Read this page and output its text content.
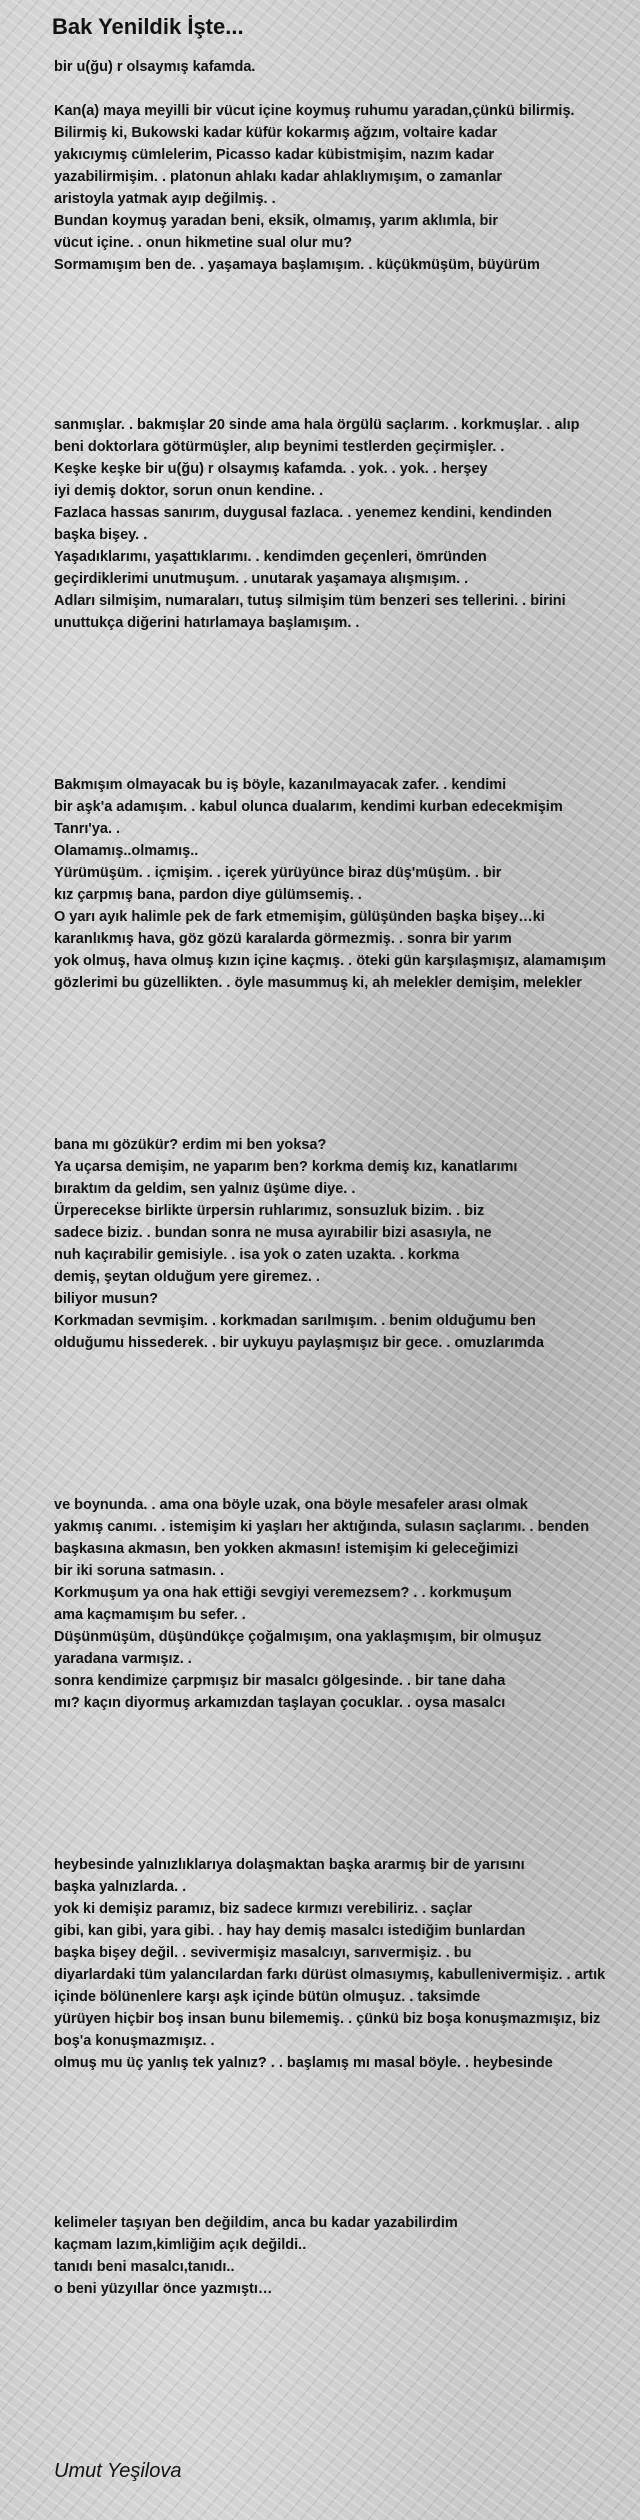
Bak Yenildik İşte...
bir u(ğu) r olsaymış kafamda.
Kan(a) maya meyilli bir vücut içine koymuş ruhumu yaradan,çünkü bilirmiş.
Bilirmiş ki, Bukowski kadar küfür kokarmış ağzım, voltaire kadar
yakıcıymış cümlelerim, Picasso kadar kübistmişim, nazım kadar
yazabilirmişim. . platonun ahlakı kadar ahlaklıymışım, o zamanlar
aristoyla yatmak ayıp değilmiş. .
Bundan koymuş yaradan beni, eksik, olmamış, yarım aklımla, bir
vücut içine. . onun hikmetine sual olur mu?
Sormamışım ben de. . yaşamaya başlamışım. . küçükmüşüm, büyürüm
sanmışlar. . bakmışlar 20 sinde ama hala örgülü saçlarım. . korkmuşlar. . alıp
beni doktorlara götürmüşler, alıp beynimi testlerden geçirmişler. .
Keşke keşke bir u(ğu) r olsaymış kafamda. . yok. . yok. . herşey
iyi demiş doktor, sorun onun kendine. .
Fazlaca hassas sanırım, duygusal fazlaca. . yenemez kendini, kendinden
başka bişey. .
Yaşadıklarımı, yaşattıklarımı. . kendimden geçenleri, ömründen
geçirdiklerimi unutmuşum. . unutarak yaşamaya alışmışım. .
Adları silmişim, numaraları, tutuş silmişim tüm benzeri ses tellerini. . birini
unuttukça diğerini hatırlamaya başlamışım. .
Bakmışım olmayacak bu iş böyle, kazanılmayacak zafer. . kendimi
bir aşk'a adamışım. . kabul olunca dualarım, kendimi kurban edecekmişim
Tanrı'ya. .
Olamamış..olmamış..
Yürümüşüm. . içmişim. . içerek yürüyünce biraz düş'müşüm. . bir
kız çarpmış bana, pardon diye gülümsemiş. .
O yarı ayık halimle pek de fark etmemişim, gülüşünden başka bişey…ki
karanlıkmış hava, göz gözü karalarda görmezmiş. . sonra bir yarım
yok olmuş, hava olmuş kızın içine kaçmış. . öteki gün karşılaşmışız, alamamışım
gözlerimi bu güzellikten. . öyle masummuş ki, ah melekler demişim, melekler
bana mı gözükür? erdim mi ben yoksa?
Ya uçarsa demişim, ne yaparım ben? korkma demiş kız, kanatlarımı
bıraktım da geldim, sen yalnız üşüme diye. .
Ürperecekse birlikte ürpersin ruhlarımız, sonsuzluk bizim. . biz
sadece biziz. . bundan sonra ne musa ayırabilir bizi asasıyla, ne
nuh kaçırabilir gemisiyle. . isa yok o zaten uzakta. . korkma
demiş, şeytan olduğum yere giremez. .
biliyor musun?
Korkmadan sevmişim. . korkmadan sarılmışım. . benim olduğumu ben
olduğumu hissederek. . bir uykuyu paylaşmışız bir gece. . omuzlarımda
ve boynunda. . ama ona böyle uzak, ona böyle mesafeler arası olmak
yakmış canımı. . istemişim ki yaşları her aktığında, sulasın saçlarımı. . benden
başkasına akmasın, ben yokken akmasın! istemişim ki geleceğimizi
bir iki soruna satmasın. .
Korkmuşum ya ona hak ettiği sevgiyi veremezsem? . . korkmuşum
ama kaçmamışım bu sefer. .
Düşünmüşüm, düşündükçe çoğalmışım, ona yaklaşmışım, bir olmuşuz
yaradana varmışız. .
sonra kendimize çarpmışız bir masalcı gölgesinde. . bir tane daha
mı? kaçın diyormuş arkamızdan taşlayan çocuklar. . oysa masalcı
heybesinde yalnızlıklarıya dolaşmaktan başka ararmış bir de yarısını
başka yalnızlarda. .
yok ki demişiz paramız, biz sadece kırmızı verebiliriz. . saçlar
gibi, kan gibi, yara gibi. . hay hay demiş masalcı istediğim bunlardan
başka bişey değil. . sevivermişiz masalcıyı, sarıvermişiz. . bu
diyarlardaki tüm yalancılardan farkı dürüst olmasıymış, kabullenivermişiz. . artık
içinde bölünenlere karşı aşk içinde bütün olmuşuz. . taksimde
yürüyen hiçbir boş insan bunu bilememiş. . çünkü biz boşa konuşmazmışız, biz
boş'a konuşmazmışız. .
olmuş mu üç yanlış tek yalnız? . . başlamış mı masal böyle. . heybesinde
kelimeler taşıyan ben değildim, anca bu kadar yazabilirdim
kaçmam lazım,kimliğim açık değildi..
tanıdı beni masalcı,tanıdı..
o beni yüzyıllar önce yazmıştı…
Umut Yeşilova
